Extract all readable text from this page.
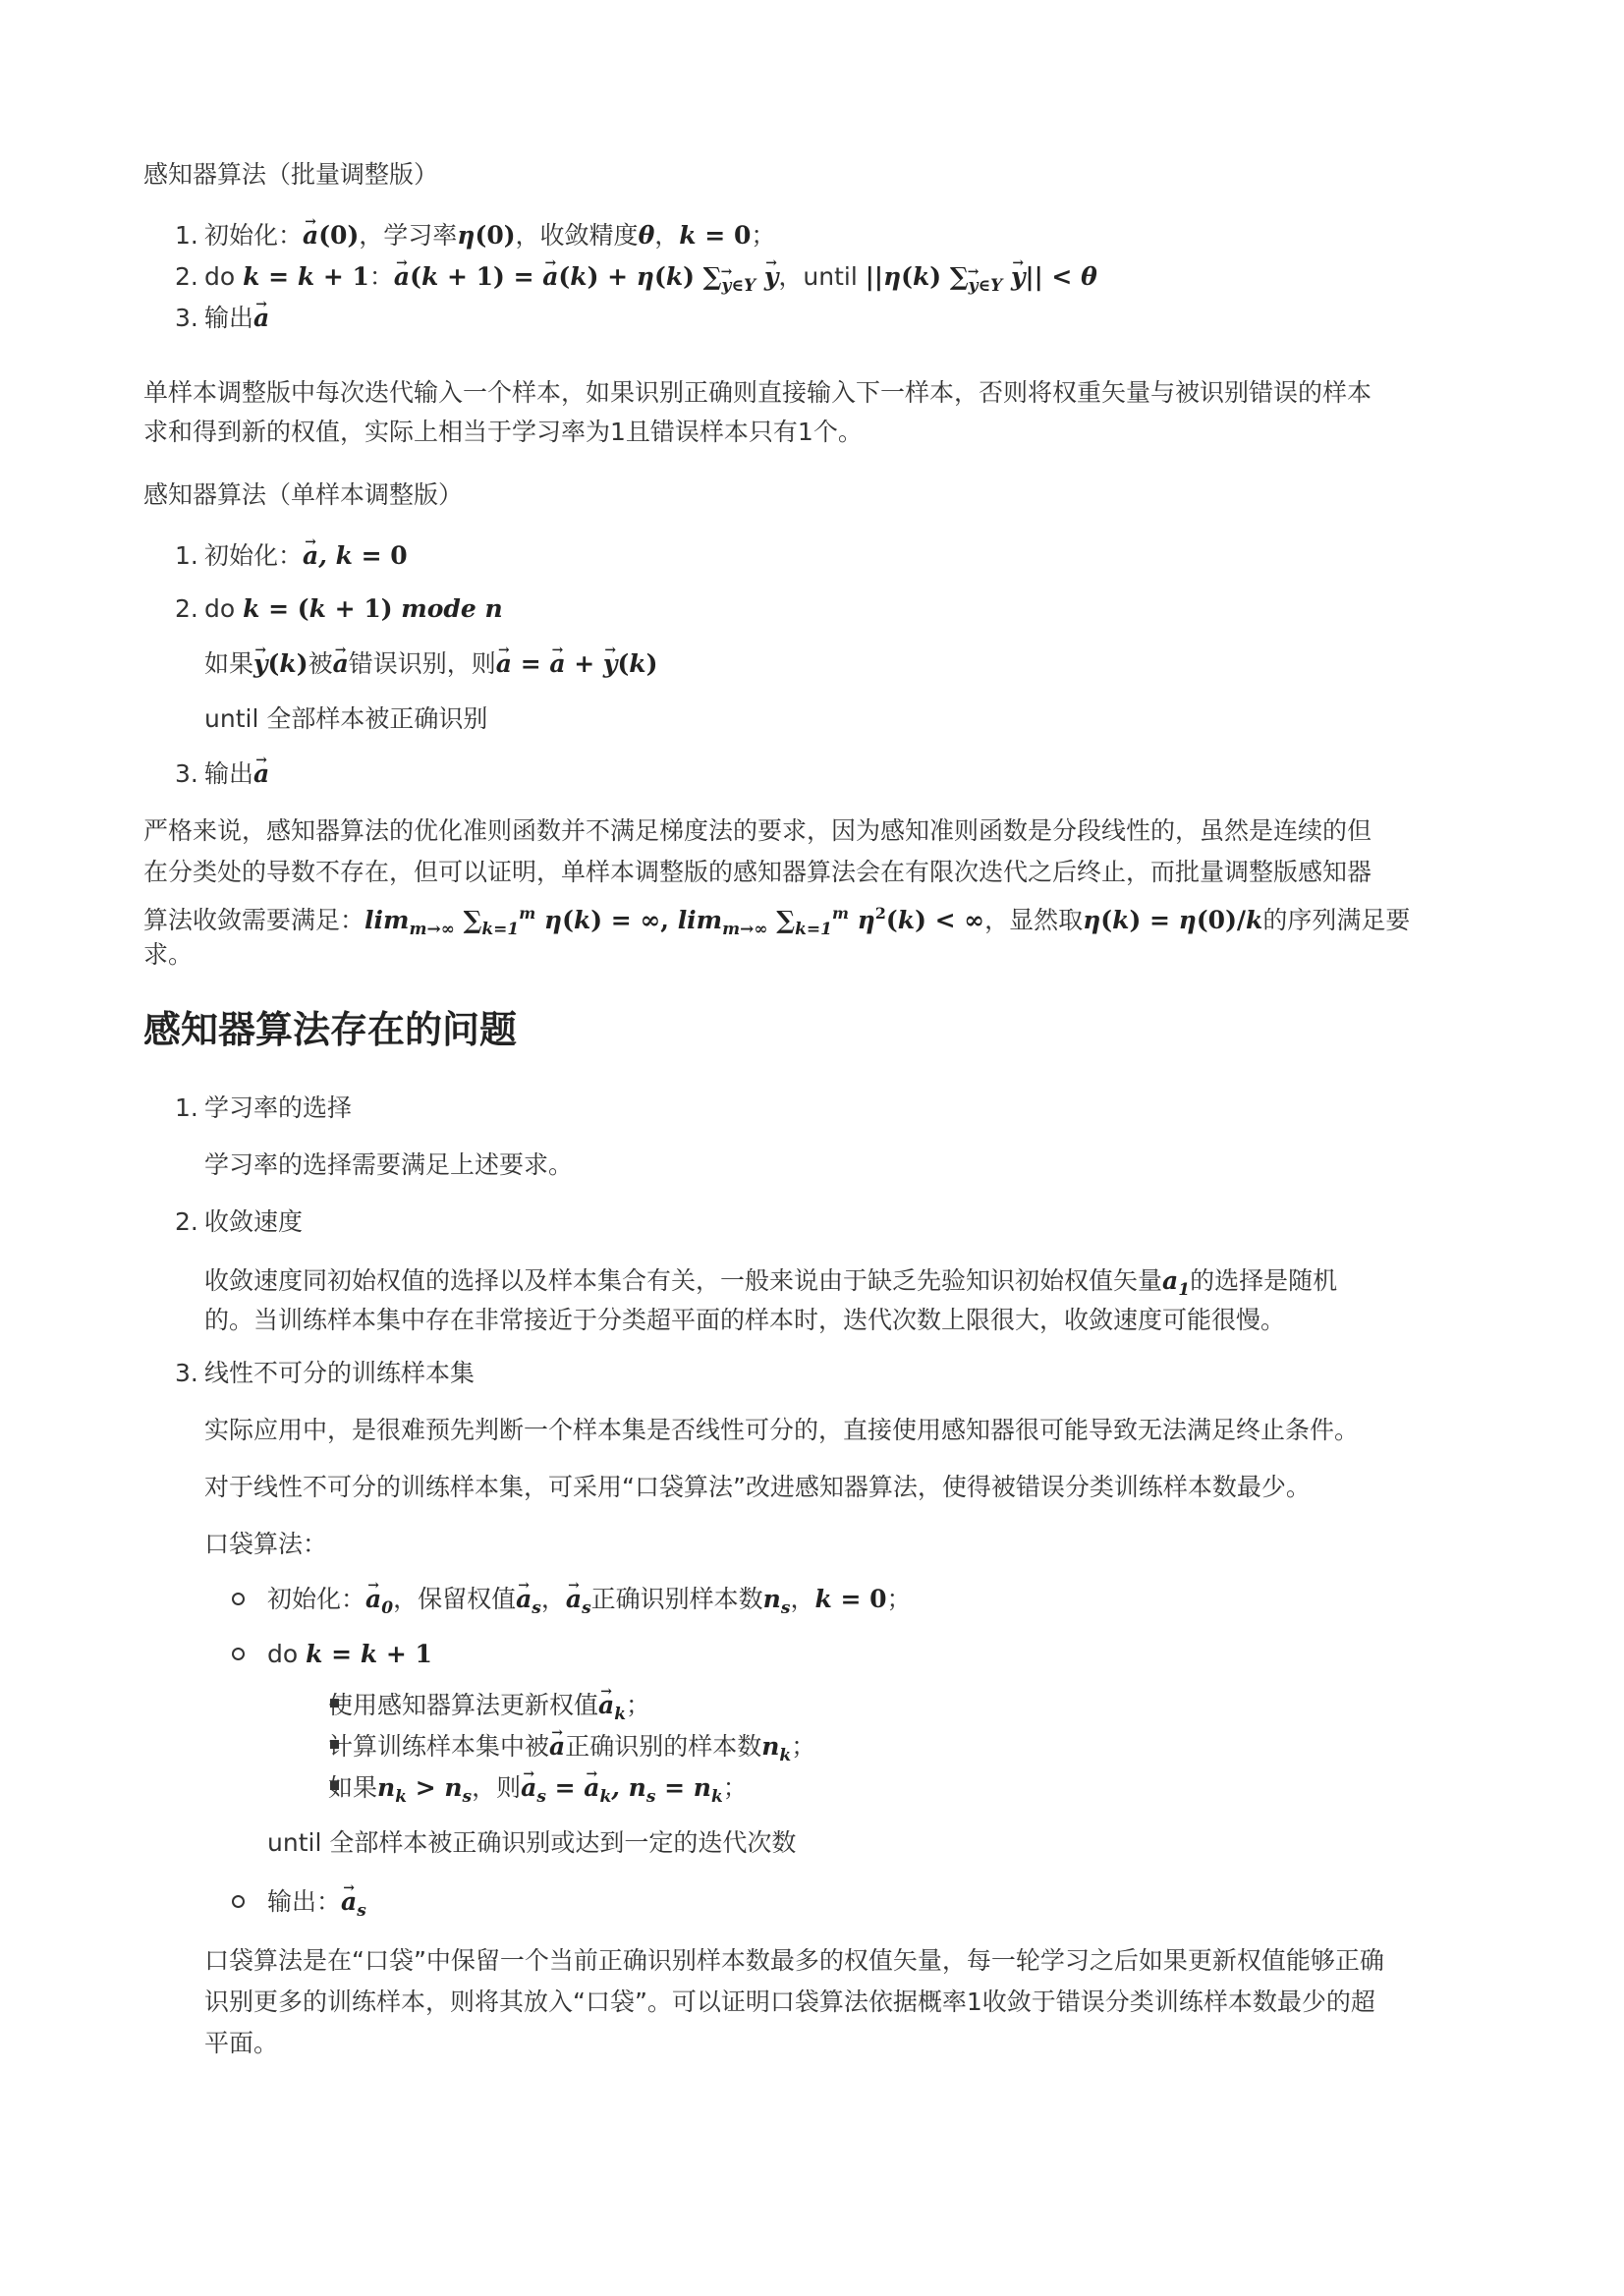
感知器算法（批量调整版）
1. 初始化：→ a(0)，学习率η(0)，收敛精度θ，k = 0；
2. do k = k + 1：→ a(k + 1) = → a(k) + η(k) ∑→ $_{y\in Y}$ → y，until ||η(k) ∑→ $_{y\in Y}$ → y|| < θ
3. 输出→ a
单样本调整版中每次迭代输入一个样本，如果识别正确则直接输入下一样本，否则将权重矢量与被识别错误的样本
求和得到新的权值，实际上相当于学习率为1且错误样本只有1个。
感知器算法（单样本调整版）
1. 初始化：→ a, k = 0
2. do k = (k + 1) mode n
如果→ y(k)被→ a错误识别，则→ a = → a + → y(k)
until 全部样本被正确识别
3. 输出→ a
严格来说，感知器算法的优化准则函数并不满足梯度法的要求，因为感知准则函数是分段线性的，虽然是连续的但
在分类处的导数不存在，但可以证明，单样本调整版的感知器算法会在有限次迭代之后终止，而批量调整版感知器
算法收敛需要满足：$\lim_{m\to\infty} \sum_{k=1}^m$ η(k) = ∞, $\lim_{m\to\infty} \sum_{k=1}^m$ $\eta^2(k)$ < ∞，显然取η(k) = η(0)/k的序列满足要
求。
感知器算法存在的问题
1. 学习率的选择
学习率的选择需要满足上述要求。
2. 收敛速度
收敛速度同初始权值的选择以及样本集合有关，一般来说由于缺乏先验知识初始权值矢量$a_1$的选择是随机
的。当训练样本集中存在非常接近于分类超平面的样本时，迭代次数上限很大，收敛速度可能很慢。
3. 线性不可分的训练样本集
实际应用中，是很难预先判断一个样本集是否线性可分的，直接使用感知器很可能导致无法满足终止条件。
对于线性不可分的训练样本集，可采用“口袋算法”改进感知器算法，使得被错误分类训练样本数最少。
口袋算法：
初始化：→ $a_0$，保留权值→ $a_s$，→ $a_s$正确识别样本数$n_s$，k = 0；
do k = k + 1
使用感知器算法更新权值→ $a_k$；
计算训练样本集中被→ a正确识别的样本数$n_k$；
如果$n_k > n_s$，则→ $a_s$ = → $a_k$, $n_s = n_k$；
until 全部样本被正确识别或达到一定的迭代次数
输出：→ $a_s$
口袋算法是在“口袋”中保留一个当前正确识别样本数最多的权值矢量，每一轮学习之后如果更新权值能够正确
识别更多的训练样本，则将其放入“口袋”。可以证明口袋算法依据概率1收敛于错误分类训练样本数最少的超
平面。
